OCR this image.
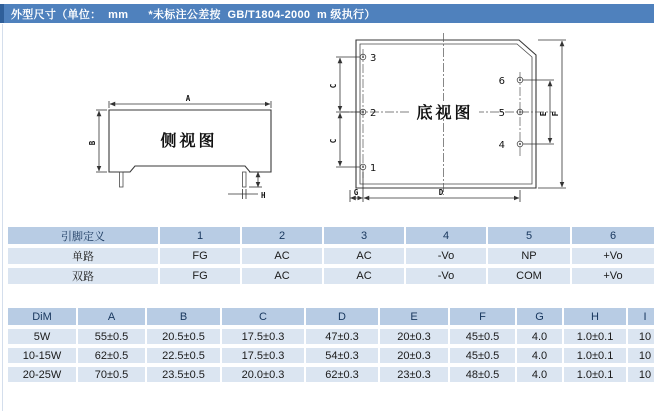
外型尺寸（单位：  mm      *未标注公差按  GB/T1804-2000  m 级执行）
A
B
H
侧视图
3
2
1
6
5
4
C
C
E F
G	D
底视图
引脚定义	1	2	3	4	5	6
单路	FG	AC	AC	-Vo	NP	+Vo
双路	FG	AC	AC	-Vo	COM	+Vo
DiM	A	B	C	D	E	F	G	H	I
5W	55±0.5	20.5±0.5	17.5±0.3	47±0.3	20±0.3	45±0.5	4.0	1.0±0.1	10
10-15W	62±0.5	22.5±0.5	17.5±0.3	54±0.3	20±0.3	45±0.5	4.0	1.0±0.1	10
20-25W	70±0.5	23.5±0.5	20.0±0.3	62±0.3	23±0.3	48±0.5	4.0	1.0±0.1	10
